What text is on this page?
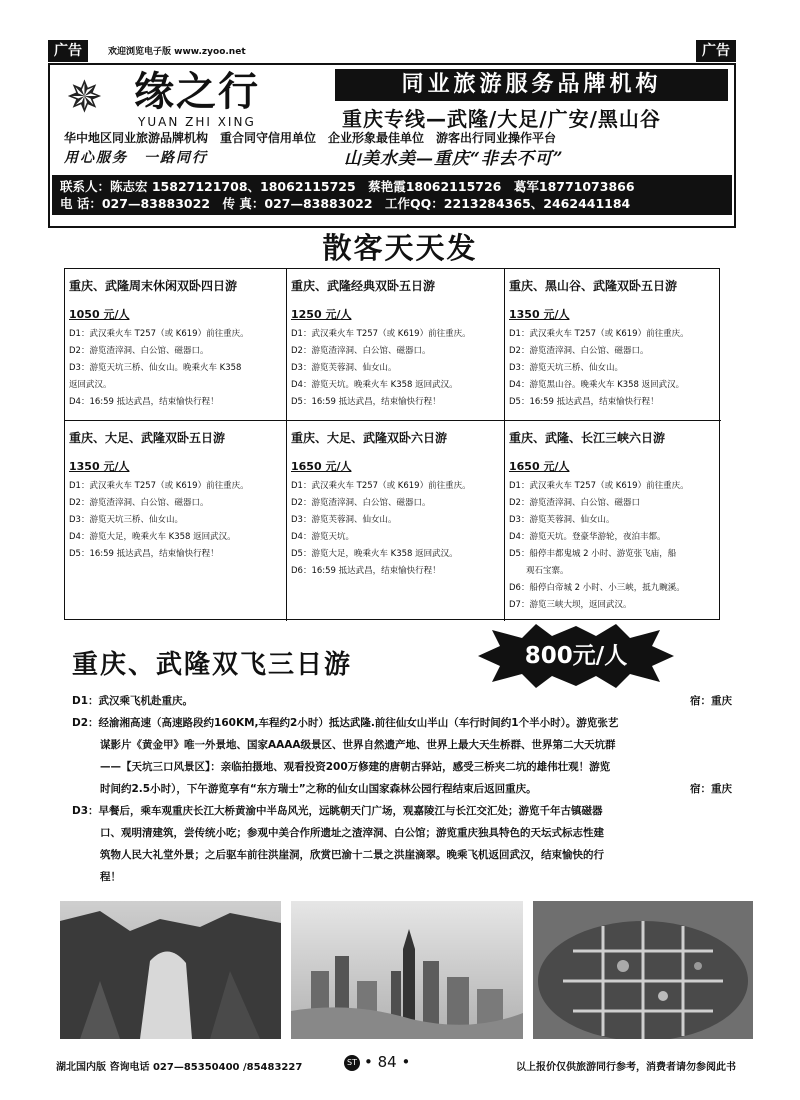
广告	欢迎浏览电子版 www.zyoo.net	广告
✵ 缘之行
YUAN ZHI XING
同业旅游服务品牌机构
重庆专线—武隆/大足/广安/黑山谷
华中地区同业旅游品牌机构　重合同守信用单位　企业形象最佳单位　游客出行同业操作平台
用心服务　一路同行	山美水美—重庆“非去不可”
联系人：陈志宏 15827121708、18062115725　蔡艳霞18062115726　葛军18771073866
电 话：027—83883022　传 真：027—83883022　工作QQ：2213284365、2462441184
散客天天发
重庆、武隆周末休闲双卧四日游
1050 元/人
D1：武汉乘火车 T257（或 K619）前往重庆。
D2：游览渣滓洞、白公馆、磁器口。
D3：游览天坑三桥、仙女山。晚乘火车 K358
返回武汉。
D4：16:59 抵达武昌，结束愉快行程！
重庆、武隆经典双卧五日游
1250 元/人
D1：武汉乘火车 T257（或 K619）前往重庆。
D2：游览渣滓洞、白公馆、磁器口。
D3：游览芙蓉洞、仙女山。
D4：游览天坑。晚乘火车 K358 返回武汉。
D5：16:59 抵达武昌，结束愉快行程！
重庆、黑山谷、武隆双卧五日游
1350 元/人
D1：武汉乘火车 T257（或 K619）前往重庆。
D2：游览渣滓洞、白公馆、磁器口。
D3：游览天坑三桥、仙女山。
D4：游览黑山谷。晚乘火车 K358 返回武汉。
D5：16:59 抵达武昌，结束愉快行程！
重庆、大足、武隆双卧五日游
1350 元/人
D1：武汉乘火车 T257（或 K619）前往重庆。
D2：游览渣滓洞、白公馆、磁器口。
D3：游览天坑三桥、仙女山。
D4：游览大足，晚乘火车 K358 返回武汉。
D5：16:59 抵达武昌，结束愉快行程！
重庆、大足、武隆双卧六日游
1650 元/人
D1：武汉乘火车 T257（或 K619）前往重庆。
D2：游览渣滓洞、白公馆、磁器口。
D3：游览芙蓉洞、仙女山。
D4：游览天坑。
D5：游览大足，晚乘火车 K358 返回武汉。
D6：16:59 抵达武昌，结束愉快行程！
重庆、武隆、长江三峡六日游
1650 元/人
D1：武汉乘火车 T257（或 K619）前往重庆。
D2：游览渣滓洞、白公馆、磁器口
D3：游览芙蓉洞、仙女山。
D4：游览天坑。登豪华游轮，夜泊丰都。
D5：船停丰都鬼城 2 小时、游览张飞庙，船
　　观石宝寨。
D6：船停白帝城 2 小时、小三峡，抵九畹溪。
D7：游览三峡大坝，返回武汉。
重庆、武隆双飞三日游	800元/人
D1：武汉乘飞机赴重庆。	宿：重庆
D2：经渝湘高速（高速路段约160KM,车程约2小时）抵达武隆.前往仙女山半山（车行时间约1个半小时）。游览张艺
谋影片《黄金甲》唯一外景地、国家AAAA级景区、世界自然遗产地、世界上最大天生桥群、世界第二大天坑群
——【天坑三口风景区】：亲临拍摄地、观看投资200万修建的唐朝古驿站，感受三桥夹二坑的雄伟壮观！游览
时间约2.5小时），下午游览享有“东方瑞士”之称的仙女山国家森林公园行程结束后返回重庆。	宿：重庆
D3：早餐后，乘车观重庆长江大桥黄渝中半岛风光，远眺朝天门广场，观嘉陵江与长江交汇处；游览千年古镇磁器
口、观明清建筑，尝传统小吃；参观中美合作所遗址之渣滓洞、白公馆；游览重庆独具特色的天坛式标志性建
筑物人民大礼堂外景；之后驱车前往洪崖洞，欣赏巴渝十二景之洪崖滴翠。晚乘飞机返回武汉，结束愉快的行
程！
湖北国内版 咨询电话 027—85350400 /85483227	ST • 84 •	以上报价仅供旅游同行参考，消费者请勿参阅此书
